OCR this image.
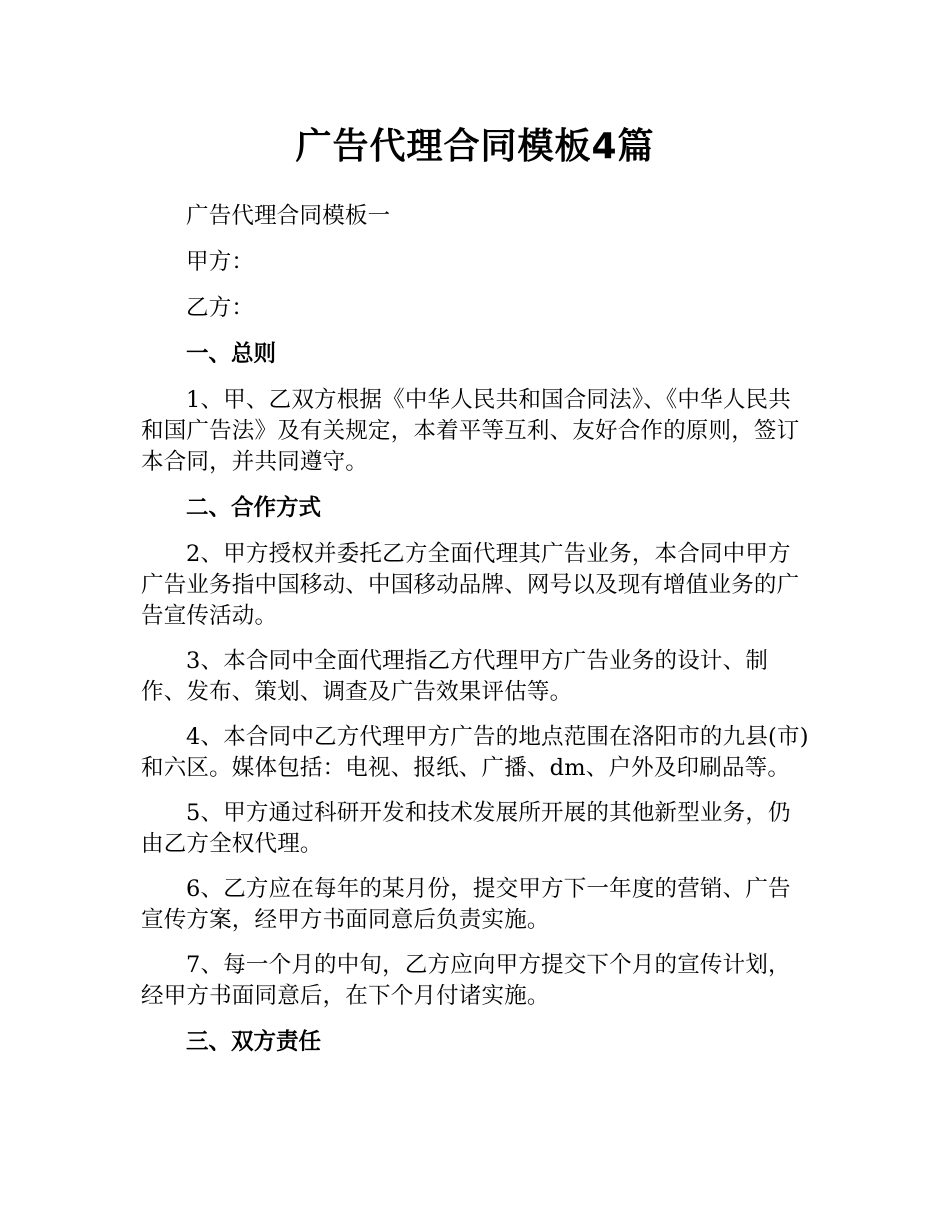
广告代理合同模板4篇

广告代理合同模板一

甲方：

乙方：

一、总则

1、甲、乙双方根据《中华人民共和国合同法》、《中华人民共和国广告法》及有关规定，本着平等互利、友好合作的原则，签订本合同，并共同遵守。

二、合作方式

2、甲方授权并委托乙方全面代理其广告业务，本合同中甲方广告业务指中国移动、中国移动品牌、网号以及现有增值业务的广告宣传活动。

3、本合同中全面代理指乙方代理甲方广告业务的设计、制作、发布、策划、调查及广告效果评估等。

4、本合同中乙方代理甲方广告的地点范围在洛阳市的九县(市)和六区。媒体包括：电视、报纸、广播、dm、户外及印刷品等。

5、甲方通过科研开发和技术发展所开展的其他新型业务，仍由乙方全权代理。

6、乙方应在每年的某月份，提交甲方下一年度的营销、广告宣传方案，经甲方书面同意后负责实施。

7、每一个月的中旬，乙方应向甲方提交下个月的宣传计划，经甲方书面同意后，在下个月付诸实施。

三、双方责任
